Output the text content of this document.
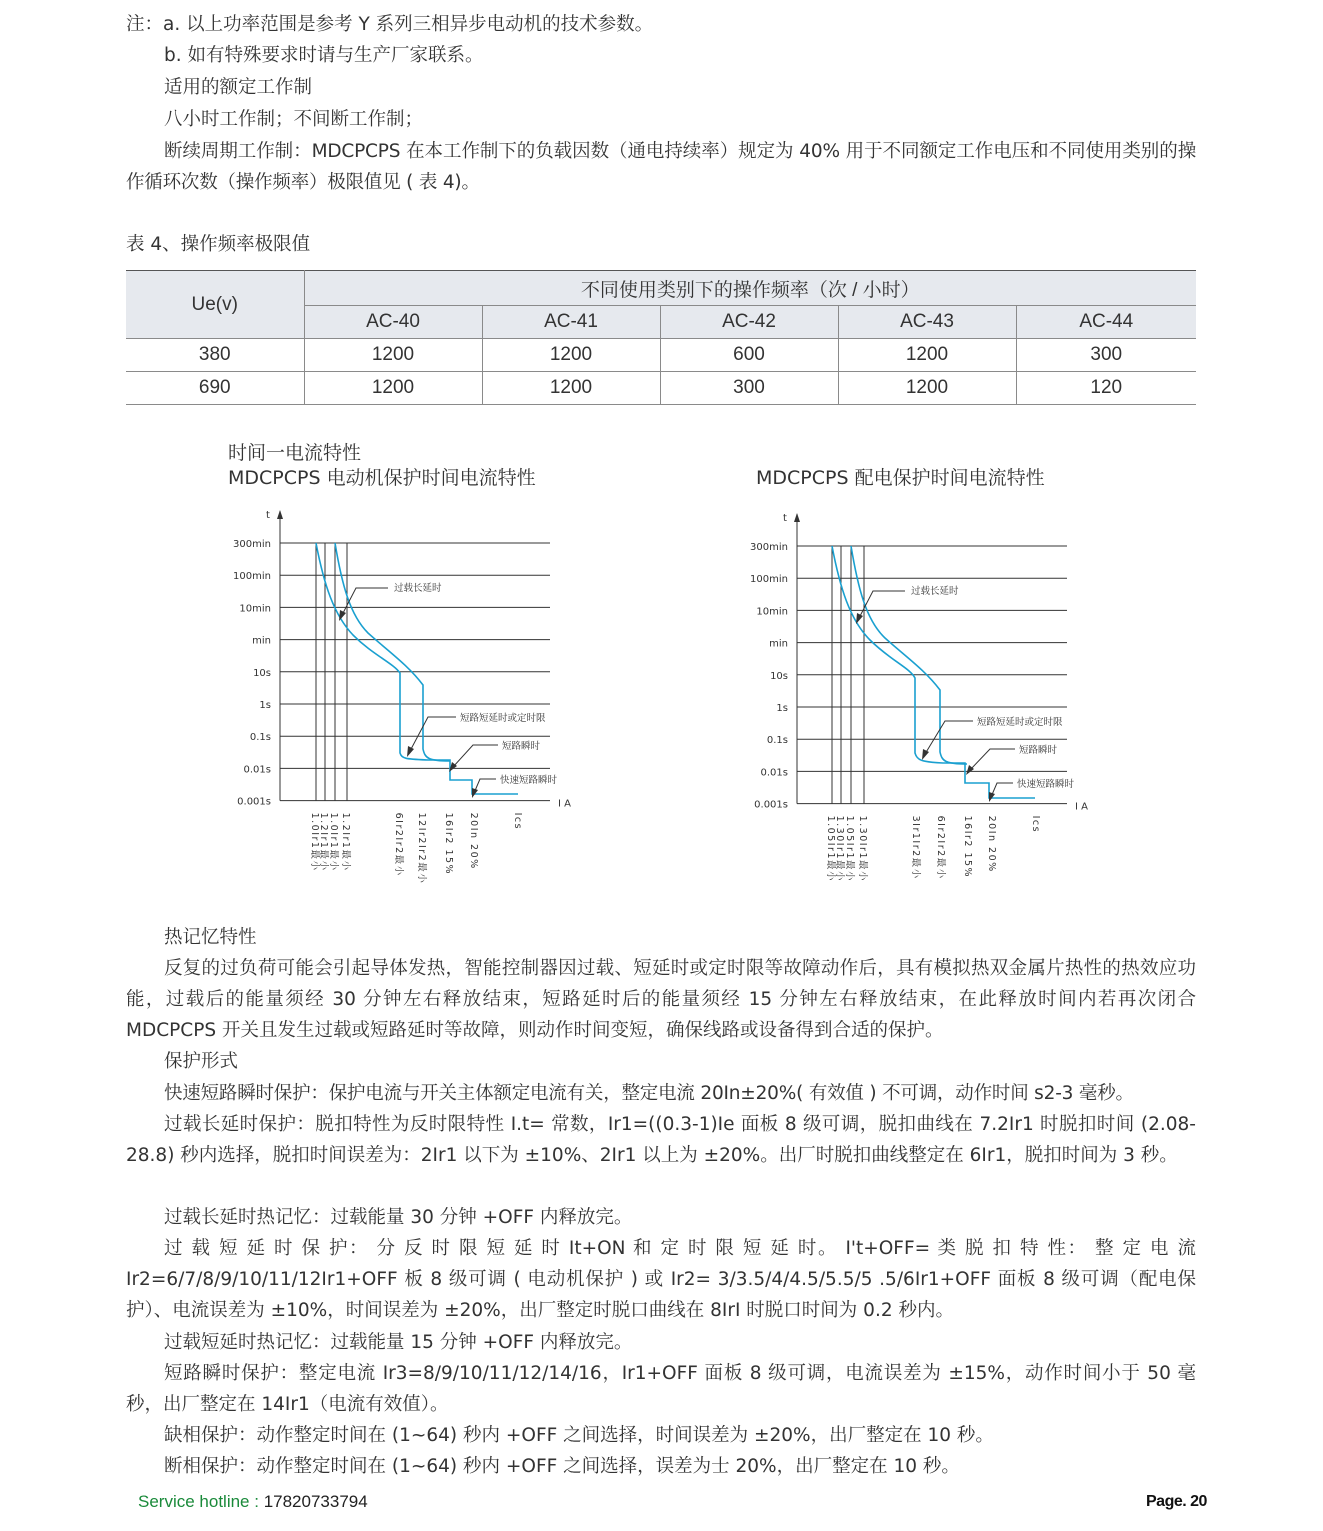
注：a. 以上功率范围是参考 Y 系列三相异步电动机的技术参数。
b. 如有特殊要求时请与生产厂家联系。
适用的额定工作制
八小时工作制；不间断工作制；
断续周期工作制：MDCPCPS 在本工作制下的负载因数（通电持续率）规定为 40% 用于不同额定工作电压和不同使用类别的操作循环次数（操作频率）极限值见 ( 表 4)。
表 4、操作频率极限值
Ue(v)	不同使用类别下的操作频率（次 / 小时）				
	AC-40	AC-41	AC-42	AC-43	AC-44
380	1200	1200	600	1200	300
690	1200	1200	300	1200	120
时间一电流特性
MDCPCPS 电动机保护时间电流特性	MDCPCPS 配电保护时间电流特性
t
300min
100min
10min
min
10s
1s
0.1s
0.01s
0.001s	I A
过载长延时
短路短延时或定时限
短路瞬时
快速短路瞬时
1.0Ir1最小
1.2Ir1最小 1.0Ir1最小 1.2Ir1最小	6Ir2Ir2最小 12Ir2Ir2最小 16Ir2 15% 20In 20%	Ics
t
300min
100min
10min
min
10s
1s
0.1s
0.01s
0.001s	I A
过载长延时
短路短延时或定时限
短路瞬时
快速短路瞬时
1.05Ir1最小
1.30Ir1最小 1.05Ir1最小 1.30Ir1最小	3Ir1Ir2最小 6Ir2Ir2最小 16Ir2 15% 20In 20%	Ics
热记忆特性
反复的过负荷可能会引起导体发热，智能控制器因过载、短延时或定时限等故障动作后，具有模拟热双金属片热性的热效应功能，过载后的能量须经 30 分钟左右释放结束，短路延时后的能量须经 15 分钟左右释放结束，在此释放时间内若再次闭合 MDCPCPS 开关且发生过载或短路延时等故障，则动作时间变短，确保线路或设备得到合适的保护。
保护形式
快速短路瞬时保护：保护电流与开关主体额定电流有关，整定电流 20In±20%( 有效值 ) 不可调，动作时间 s2-3 毫秒。
过载长延时保护：脱扣特性为反时限特性 I.t= 常数，Ir1=((0.3-1)Ie 面板 8 级可调，脱扣曲线在 7.2Ir1 时脱扣时间 (2.08-28.8) 秒内选择，脱扣时间误差为：2Ir1 以下为 ±10%、2Ir1 以上为 ±20%。出厂时脱扣曲线整定在 6Ir1，脱扣时间为 3 秒。
过载长延时热记忆：过载能量 30 分钟 +OFF 内释放完。
过 载 短 延 时 保 护： 分 反 时 限 短 延 时 It+ON 和 定 时 限 短 延 时。 I't+OFF= 类 脱 扣 特 性： 整 定 电 流 Ir2=6/7/8/9/10/11/12Ir1+OFF 板 8 级可调 ( 电动机保护 ) 或 Ir2= 3/3.5/4/4.5/5.5/5 .5/6Ir1+OFF 面板 8 级可调（配电保护）、电流误差为 ±10%，时间误差为 ±20%，出厂整定时脱口曲线在 8IrI 时脱口时间为 0.2 秒内。
过载短延时热记忆：过载能量 15 分钟 +OFF 内释放完。
短路瞬时保护：整定电流 Ir3=8/9/10/11/12/14/16，Ir1+OFF 面板 8 级可调，电流误差为 ±15%，动作时间小于 50 毫秒，出厂整定在 14Ir1（电流有效值）。
缺相保护：动作整定时间在 (1~64) 秒内 +OFF 之间选择，时间误差为 ±20%，出厂整定在 10 秒。
断相保护：动作整定时间在 (1~64) 秒内 +OFF 之间选择，误差为士 20%，出厂整定在 10 秒。
Service hotline : 17820733794	Page. 20
